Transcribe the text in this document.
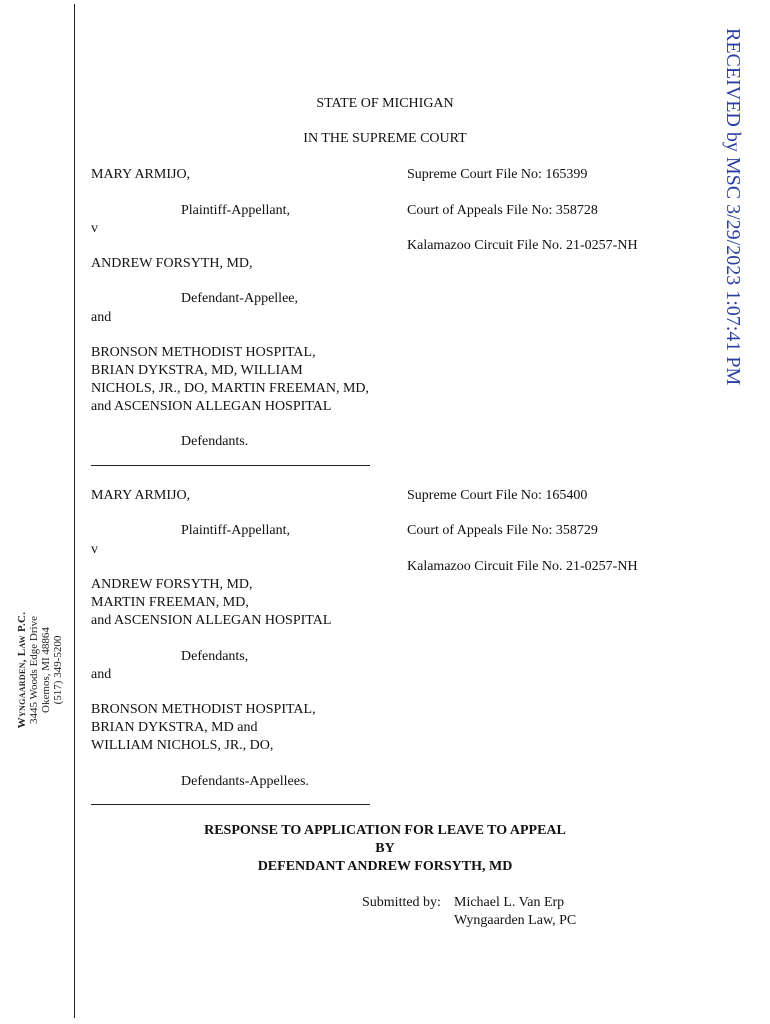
RECEIVED by MSC 3/29/2023 1:07:41 PM
Wyngaarden, Law P.C. 3445 Woods Edge Drive Okemos, MI 48864 (517) 349-5200
STATE OF MICHIGAN
IN THE SUPREME COURT
MARY ARMIJO,
Plaintiff-Appellant,
v
ANDREW FORSYTH, MD,
Defendant-Appellee,
and
BRONSON METHODIST HOSPITAL,
BRIAN DYKSTRA, MD, WILLIAM
NICHOLS, JR., DO, MARTIN FREEMAN, MD,
and ASCENSION ALLEGAN HOSPITAL
Defendants.
Supreme Court File No: 165399
Court of Appeals File No: 358728
Kalamazoo Circuit File No. 21-0257-NH
MARY ARMIJO,
Plaintiff-Appellant,
v
ANDREW FORSYTH, MD,
MARTIN FREEMAN, MD,
and ASCENSION ALLEGAN HOSPITAL
Defendants,
and
BRONSON METHODIST HOSPITAL,
BRIAN DYKSTRA, MD and
WILLIAM NICHOLS, JR., DO,
Defendants-Appellees.
Supreme Court File No: 165400
Court of Appeals File No: 358729
Kalamazoo Circuit File No. 21-0257-NH
RESPONSE TO APPLICATION FOR LEAVE TO APPEAL
BY
DEFENDANT ANDREW FORSYTH, MD
Submitted by: Michael L. Van Erp
Wyngaarden Law, PC
